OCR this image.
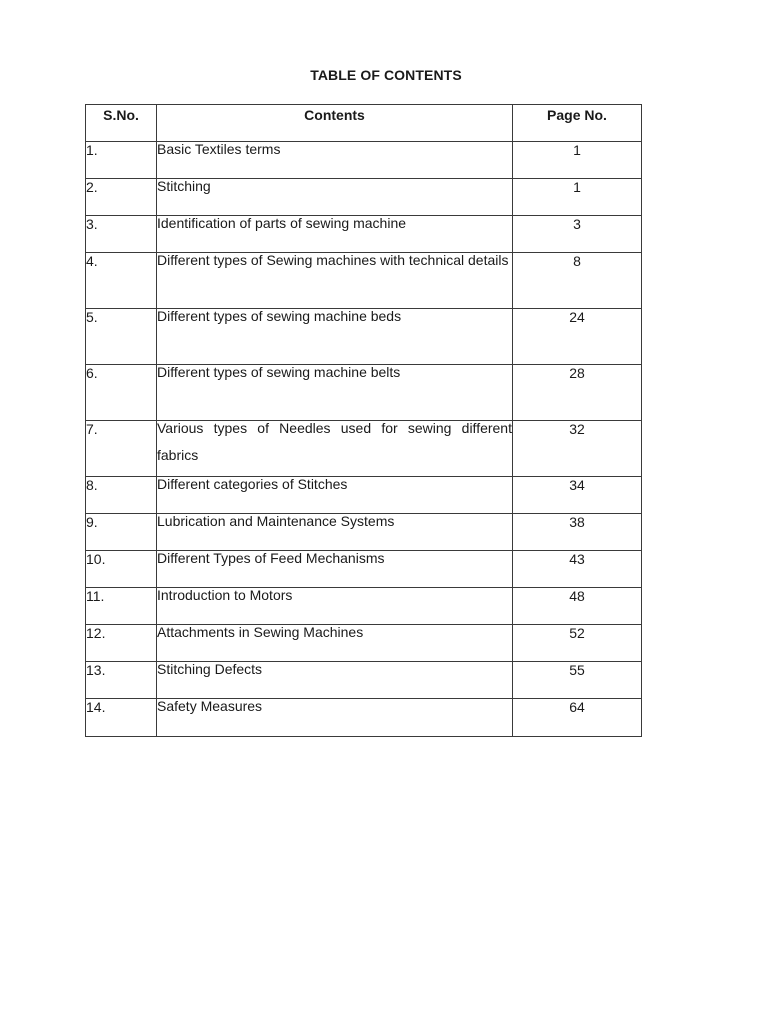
TABLE OF CONTENTS
S.No.	Contents	Page No.
1.	Basic Textiles terms	1
2.	Stitching	1
3.	Identification of parts of sewing machine	3
4.	Different types of Sewing machines with technical details	8
5.	Different types of sewing machine beds	24
6.	Different types of sewing machine belts	28
7.	Various types of Needles used for sewing different fabrics	32
8.	Different categories of Stitches	34
9.	Lubrication and Maintenance Systems	38
10.	Different Types of Feed Mechanisms	43
11.	Introduction to Motors	48
12.	Attachments in Sewing Machines	52
13.	Stitching Defects	55
14.	Safety Measures	64
